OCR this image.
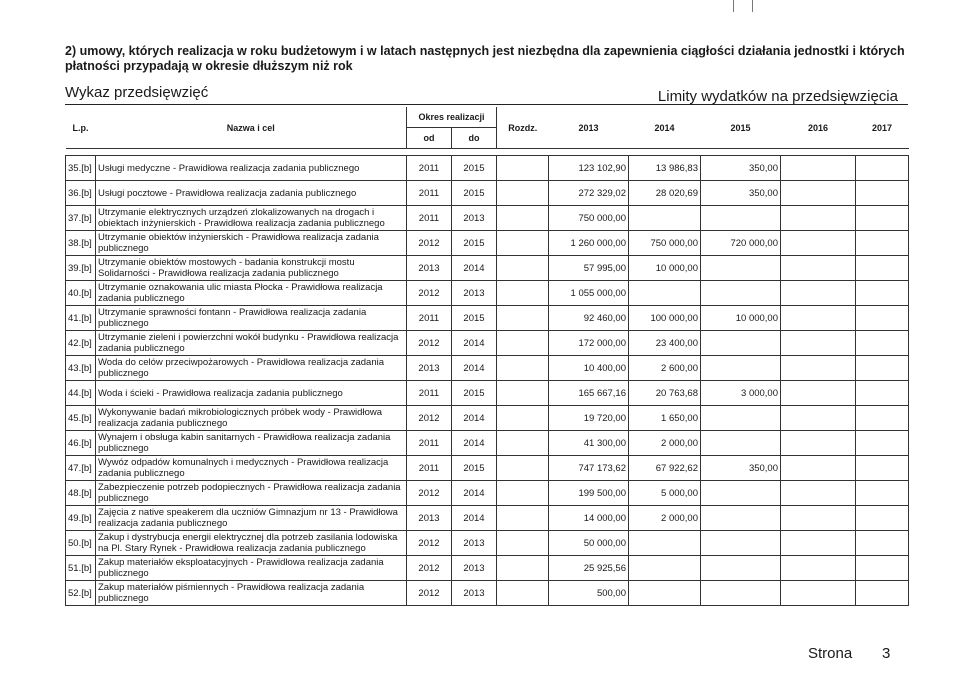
2) umowy, których realizacja w roku budżetowym i w latach następnych jest niezbędna dla zapewnienia ciągłości działania jednostki i których płatności przypadają w okresie dłuższym niż rok
Wykaz przedsięwzięć	Limity wydatków na przedsięwzięcia
L.p.	Nazwa i cel	Okres realizacji		Rozdz.	2013	2014	2015	2016	2017
		od	do						

35.[b]	Usługi medyczne - Prawidłowa realizacja zadania publicznego	2011	2015		123 102,90	13 986,83	350,00		
36.[b]	Usługi pocztowe - Prawidłowa realizacja zadania publicznego	2011	2015		272 329,02	28 020,69	350,00		
37.[b]	Utrzymanie elektrycznych urządzeń zlokalizowanych na drogach i obiektach inżynierskich - Prawidłowa realizacja zadania publicznego	2011	2013		750 000,00				
38.[b]	Utrzymanie obiektów inżynierskich - Prawidłowa realizacja zadania publicznego	2012	2015		1 260 000,00	750 000,00	720 000,00		
39.[b]	Utrzymanie obiektów mostowych - badania konstrukcji mostu Solidarności - Prawidłowa realizacja zadania publicznego	2013	2014		57 995,00	10 000,00			
40.[b]	Utrzymanie oznakowania ulic miasta Płocka - Prawidłowa realizacja zadania publicznego	2012	2013		1 055 000,00				
41.[b]	Utrzymanie sprawności fontann - Prawidłowa realizacja zadania publicznego	2011	2015		92 460,00	100 000,00	10 000,00		
42.[b]	Utrzymanie zieleni i powierzchni wokół budynku - Prawidłowa realizacja zadania publicznego	2012	2014		172 000,00	23 400,00			
43.[b]	Woda do celów przeciwpożarowych - Prawidłowa realizacja zadania publicznego	2013	2014		10 400,00	2 600,00			
44.[b]	Woda i ścieki - Prawidłowa realizacja zadania publicznego	2011	2015		165 667,16	20 763,68	3 000,00		
45.[b]	Wykonywanie badań mikrobiologicznych próbek wody - Prawidłowa realizacja zadania publicznego	2012	2014		19 720,00	1 650,00			
46.[b]	Wynajem i obsługa kabin sanitarnych - Prawidłowa realizacja zadania publicznego	2011	2014		41 300,00	2 000,00			
47.[b]	Wywóz odpadów komunalnych i medycznych - Prawidłowa realizacja zadania publicznego	2011	2015		747 173,62	67 922,62	350,00		
48.[b]	Zabezpieczenie potrzeb podopiecznych - Prawidłowa realizacja zadania publicznego	2012	2014		199 500,00	5 000,00			
49.[b]	Zajęcia z native speakerem dla uczniów Gimnazjum nr 13 - Prawidłowa realizacja zadania publicznego	2013	2014		14 000,00	2 000,00			
50.[b]	Zakup i dystrybucja energii elektrycznej dla potrzeb zasilania lodowiska na Pl. Stary Rynek - Prawidłowa realizacja zadania publicznego	2012	2013		50 000,00				
51.[b]	Zakup materiałów eksploatacyjnych - Prawidłowa realizacja zadania publicznego	2012	2013		25 925,56				
52.[b]	Zakup materiałów piśmiennych - Prawidłowa realizacja zadania publicznego	2012	2013		500,00				
Strona 3
